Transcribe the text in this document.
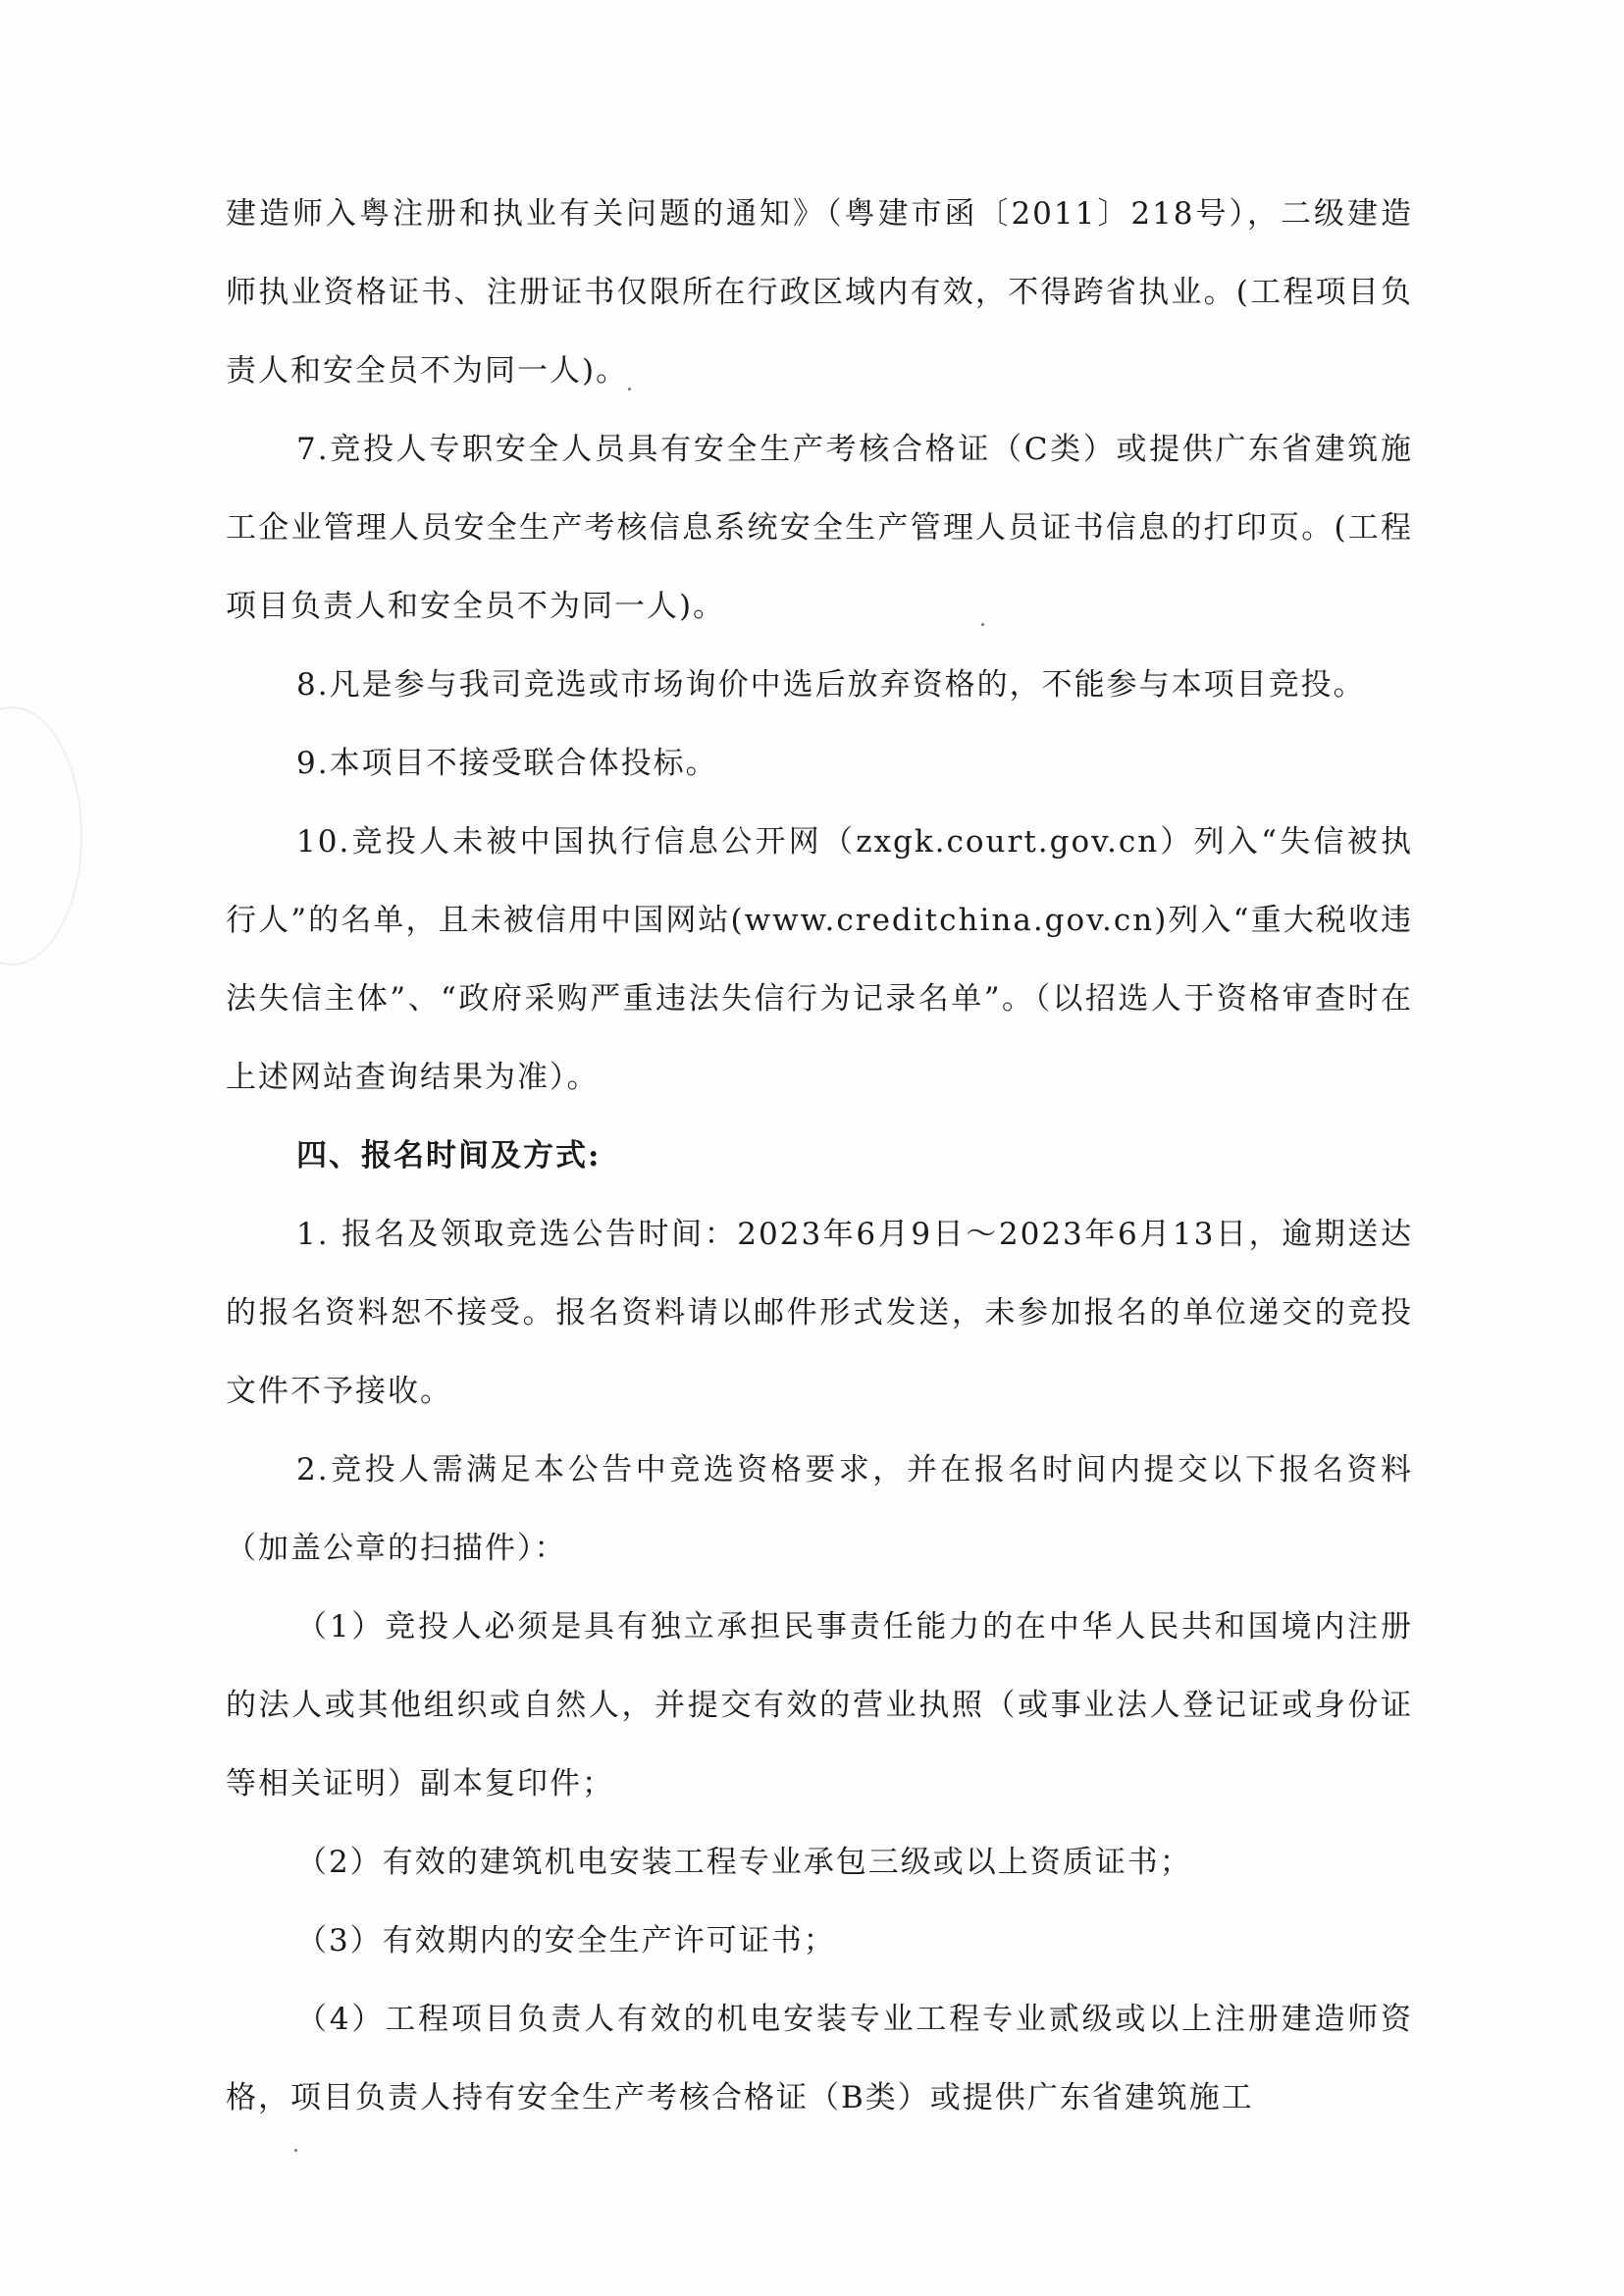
建造师入粤注册和执业有关问题的通知》（粤建市函〔2011〕218号），二级建造师执业资格证书、注册证书仅限所在行政区域内有效，不得跨省执业。(工程项目负责人和安全员不为同一人)。

7.竞投人专职安全人员具有安全生产考核合格证（C类）或提供广东省建筑施工企业管理人员安全生产考核信息系统安全生产管理人员证书信息的打印页。(工程项目负责人和安全员不为同一人)。

8.凡是参与我司竞选或市场询价中选后放弃资格的，不能参与本项目竞投。

9.本项目不接受联合体投标。

10.竞投人未被中国执行信息公开网（zxgk.court.gov.cn）列入“失信被执行人”的名单，且未被信用中国网站(www.creditchina.gov.cn)列入“重大税收违法失信主体”、“政府采购严重违法失信行为记录名单”。（以招选人于资格审查时在上述网站查询结果为准）。

四、报名时间及方式:

1. 报名及领取竞选公告时间：2023年6月9日～2023年6月13日，逾期送达的报名资料恕不接受。报名资料请以邮件形式发送，未参加报名的单位递交的竞投文件不予接收。

2.竞投人需满足本公告中竞选资格要求，并在报名时间内提交以下报名资料（加盖公章的扫描件）：

（1）竞投人必须是具有独立承担民事责任能力的在中华人民共和国境内注册的法人或其他组织或自然人，并提交有效的营业执照（或事业法人登记证或身份证等相关证明）副本复印件；

（2）有效的建筑机电安装工程专业承包三级或以上资质证书；

（3）有效期内的安全生产许可证书；

（4）工程项目负责人有效的机电安装专业工程专业贰级或以上注册建造师资格，项目负责人持有安全生产考核合格证（B类）或提供广东省建筑施工
